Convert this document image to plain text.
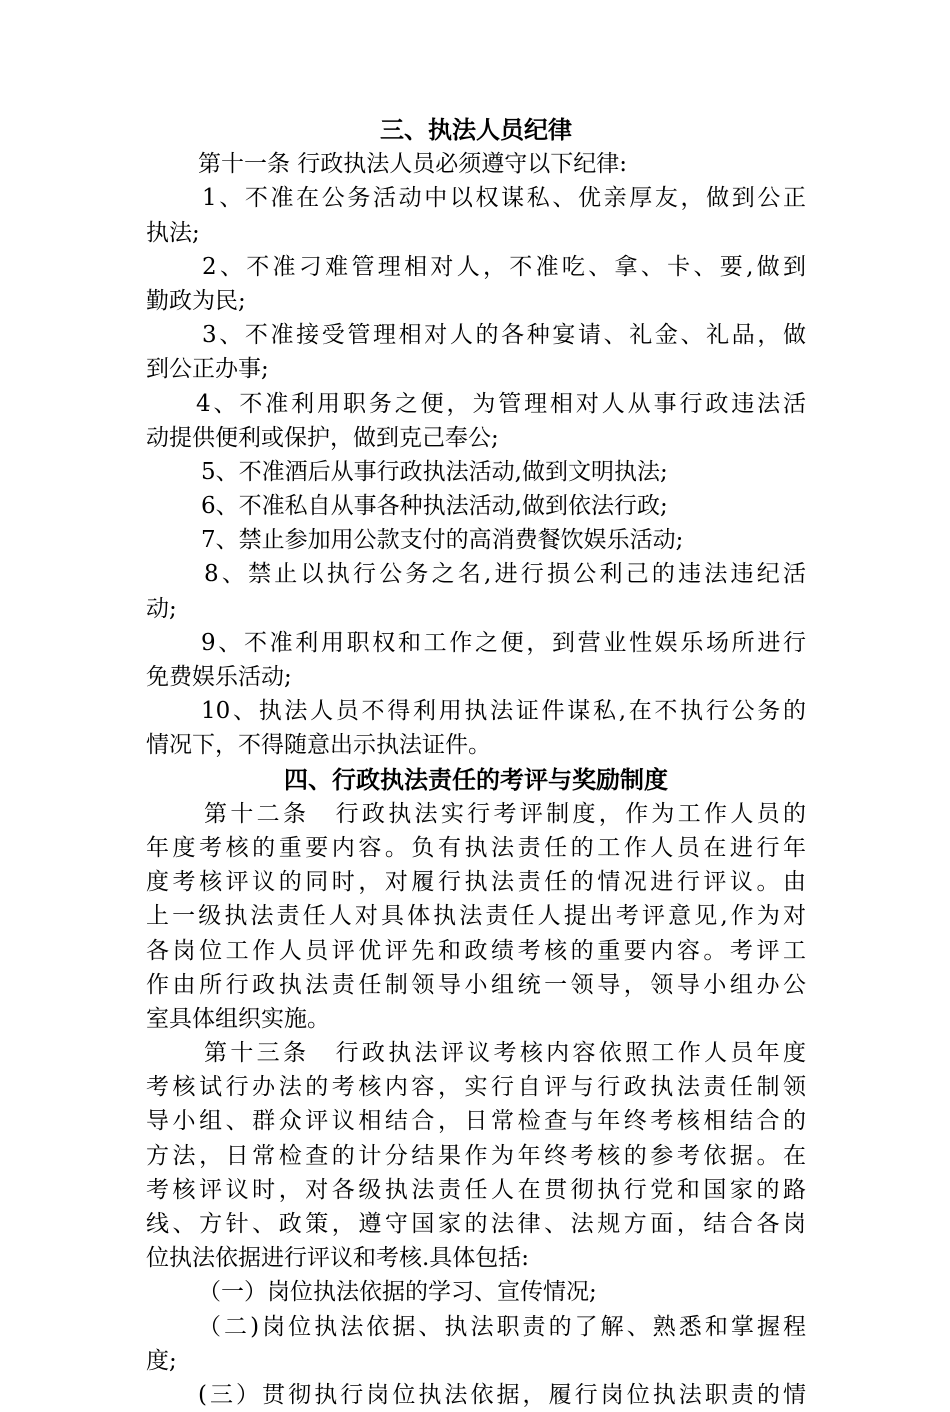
三、执法人员纪律
第十一条 行政执法人员必须遵守以下纪律:
1、不准在公务活动中以权谋私、优亲厚友，做到公正
执法;
2、不准刁难管理相对人，不准吃、拿、卡、要,做到
勤政为民;
3、不准接受管理相对人的各种宴请、礼金、礼品，做
到公正办事;
4、不准利用职务之便，为管理相对人从事行政违法活
动提供便利或保护，做到克己奉公;
5、不准酒后从事行政执法活动,做到文明执法;
6、不准私自从事各种执法活动,做到依法行政;
7、禁止参加用公款支付的高消费餐饮娱乐活动;
8、禁止以执行公务之名,进行损公利己的违法违纪活
动;
9、不准利用职权和工作之便，到营业性娱乐场所进行
免费娱乐活动;
10、执法人员不得利用执法证件谋私,在不执行公务的
情况下，不得随意出示执法证件。
四、行政执法责任的考评与奖励制度
第十二条　行政执法实行考评制度，作为工作人员的
年度考核的重要内容。负有执法责任的工作人员在进行年
度考核评议的同时，对履行执法责任的情况进行评议。由
上一级执法责任人对具体执法责任人提出考评意见,作为对
各岗位工作人员评优评先和政绩考核的重要内容。考评工
作由所行政执法责任制领导小组统一领导，领导小组办公
室具体组织实施。
第十三条　行政执法评议考核内容依照工作人员年度
考核试行办法的考核内容，实行自评与行政执法责任制领
导小组、群众评议相结合，日常检查与年终考核相结合的
方法，日常检查的计分结果作为年终考核的参考依据。在
考核评议时，对各级执法责任人在贯彻执行党和国家的路
线、方针、政策，遵守国家的法律、法规方面，结合各岗
位执法依据进行评议和考核.具体包括:
（一）岗位执法依据的学习、宣传情况;
（二)岗位执法依据、执法职责的了解、熟悉和掌握程
度;
(三）贯彻执行岗位执法依据，履行岗位执法职责的情
